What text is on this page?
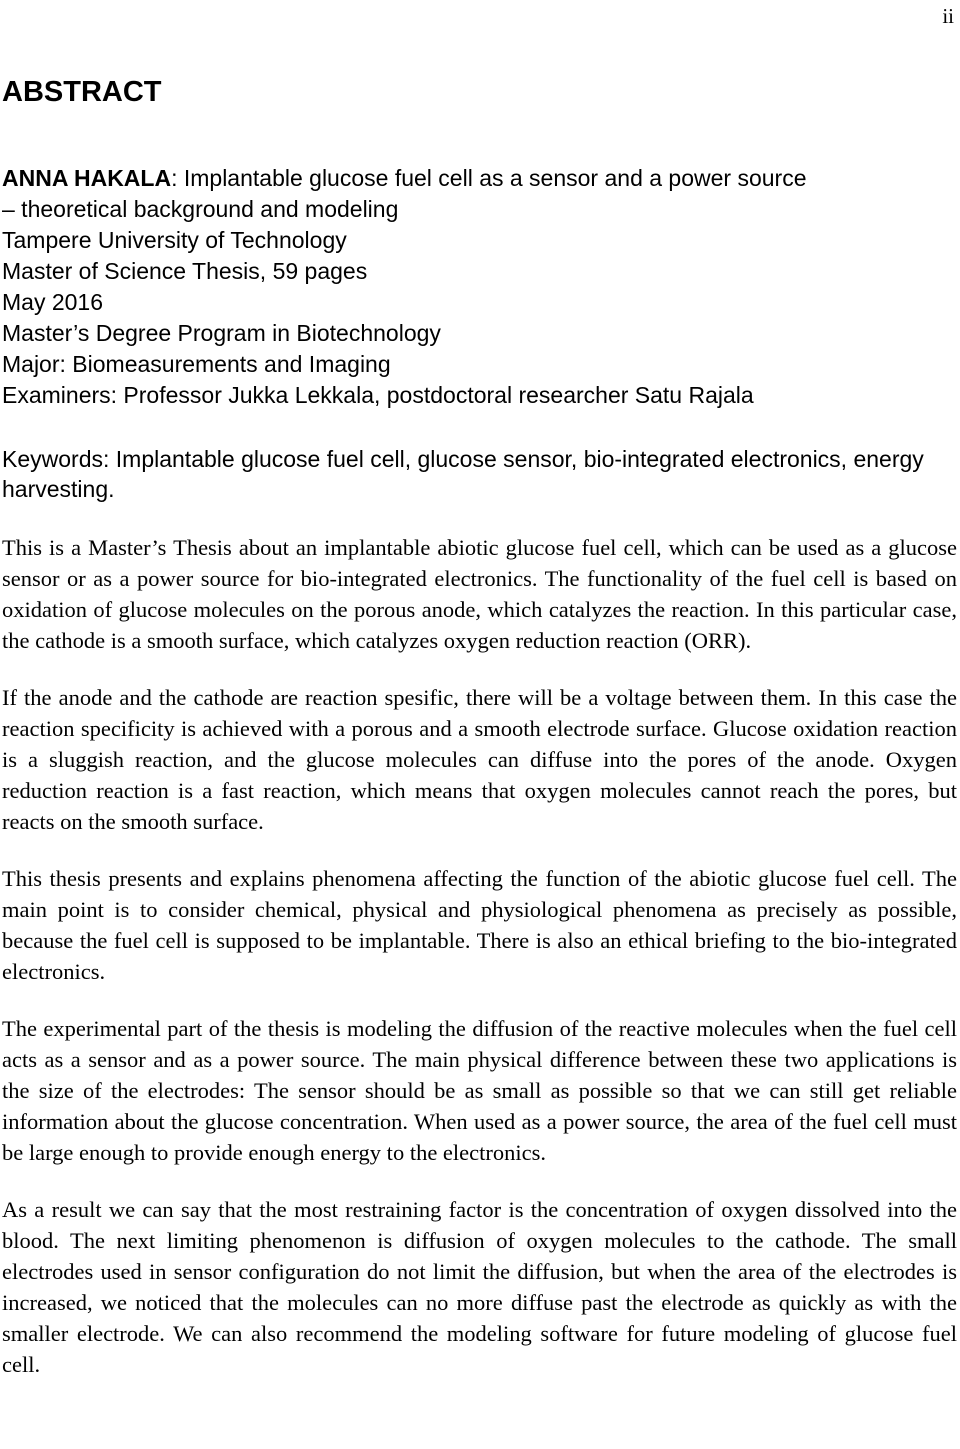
ii
ABSTRACT
ANNA HAKALA: Implantable glucose fuel cell as a sensor and a power source
– theoretical background and modeling
Tampere University of Technology
Master of Science Thesis, 59 pages
May 2016
Master’s Degree Program in Biotechnology
Major: Biomeasurements and Imaging
Examiners: Professor Jukka Lekkala, postdoctoral researcher Satu Rajala

Keywords: Implantable glucose fuel cell, glucose sensor, bio-integrated electronics, energy harvesting.

This is a Master’s Thesis about an implantable abiotic glucose fuel cell, which can be used as a glucose sensor or as a power source for bio-integrated electronics. The functionality of the fuel cell is based on oxidation of glucose molecules on the porous anode, which catalyzes the reaction. In this particular case, the cathode is a smooth surface, which catalyzes oxygen reduction reaction (ORR).

If the anode and the cathode are reaction spesific, there will be a voltage between them. In this case the reaction specificity is achieved with a porous and a smooth electrode surface. Glucose oxidation reaction is a sluggish reaction, and the glucose molecules can diffuse into the pores of the anode. Oxygen reduction reaction is a fast reaction, which means that oxygen molecules cannot reach the pores, but reacts on the smooth surface.

This thesis presents and explains phenomena affecting the function of the abiotic glucose fuel cell. The main point is to consider chemical, physical and physiological phenomena as precisely as possible, because the fuel cell is supposed to be implantable. There is also an ethical briefing to the bio-integrated electronics.

The experimental part of the thesis is modeling the diffusion of the reactive molecules when the fuel cell acts as a sensor and as a power source. The main physical difference between these two applications is the size of the electrodes: The sensor should be as small as possible so that we can still get reliable information about the glucose concentration. When used as a power source, the area of the fuel cell must be large enough to provide enough energy to the electronics.

As a result we can say that the most restraining factor is the concentration of oxygen dissolved into the blood. The next limiting phenomenon is diffusion of oxygen molecules to the cathode. The small electrodes used in sensor configuration do not limit the diffusion, but when the area of the electrodes is increased, we noticed that the molecules can no more diffuse past the electrode as quickly as with the smaller electrode. We can also recommend the modeling software for future modeling of glucose fuel cell.
